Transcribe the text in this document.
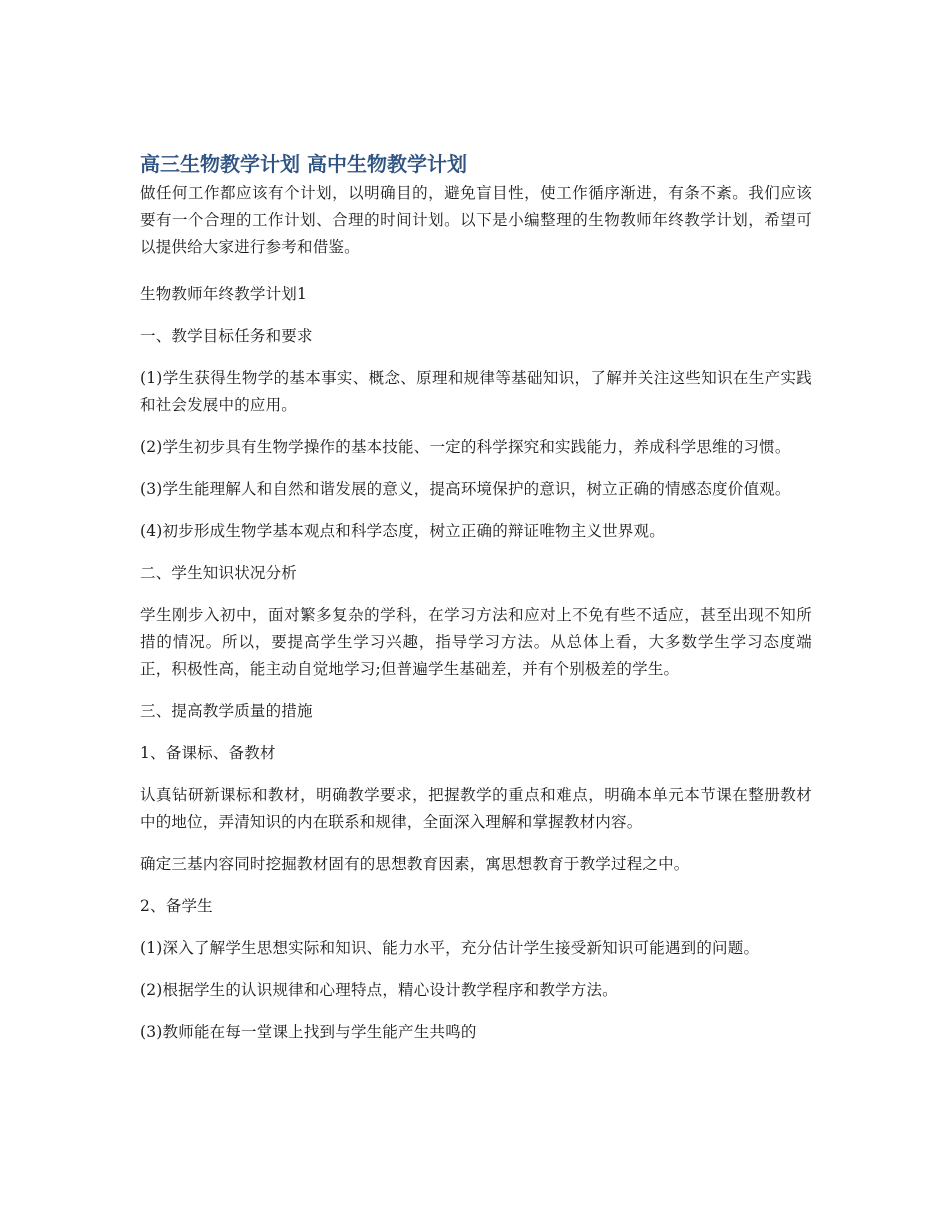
高三生物教学计划 高中生物教学计划

做任何工作都应该有个计划，以明确目的，避免盲目性，使工作循序渐进，有条不紊。我们应该要有一个合理的工作计划、合理的时间计划。以下是小编整理的生物教师年终教学计划，希望可以提供给大家进行参考和借鉴。

生物教师年终教学计划1

一、教学目标任务和要求

(1)学生获得生物学的基本事实、概念、原理和规律等基础知识，了解并关注这些知识在生产实践和社会发展中的应用。

(2)学生初步具有生物学操作的基本技能、一定的科学探究和实践能力，养成科学思维的习惯。

(3)学生能理解人和自然和谐发展的意义，提高环境保护的意识，树立正确的情感态度价值观。

(4)初步形成生物学基本观点和科学态度，树立正确的辩证唯物主义世界观。

二、学生知识状况分析

学生刚步入初中，面对繁多复杂的学科，在学习方法和应对上不免有些不适应，甚至出现不知所措的情况。所以，要提高学生学习兴趣，指导学习方法。从总体上看，大多数学生学习态度端正，积极性高，能主动自觉地学习;但普遍学生基础差，并有个别极差的学生。

三、提高教学质量的措施

1、备课标、备教材

认真钻研新课标和教材，明确教学要求，把握教学的重点和难点，明确本单元本节课在整册教材中的地位，弄清知识的内在联系和规律，全面深入理解和掌握教材内容。

确定三基内容同时挖掘教材固有的思想教育因素，寓思想教育于教学过程之中。

2、备学生

(1)深入了解学生思想实际和知识、能力水平，充分估计学生接受新知识可能遇到的问题。

(2)根据学生的认识规律和心理特点，精心设计教学程序和教学方法。

(3)教师能在每一堂课上找到与学生能产生共鸣的
